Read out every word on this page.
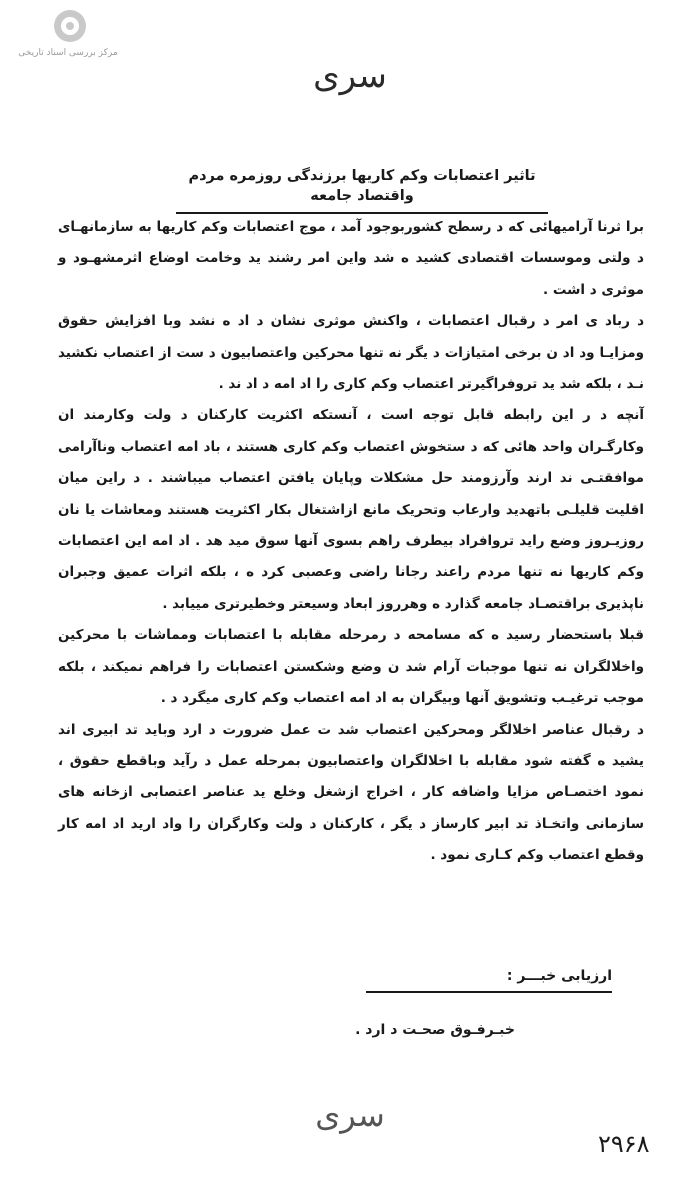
مرکز بررسی اسناد تاریخی
سری
تاثیر اعتصابات وکم کاریها برزندگی روزمره مردم واقتصاد جامعه

برا ثرنا آرامیهائی که د رسطح کشوربوجود آمد ، موج اعتصابات وکم کاریها به سازمانهـای د ولتی وموسسات اقتصادی کشید ه شد واین امر رشند ید وخامت اوضاع اثرمشهـود و موثری د اشت .

د رباد ی امر د رقبال اعتصابات ، واکنش موثری نشان د اد ه نشد وبا افزایش حقوق ومزایـا ود اد ن برخی امتیازات د یگر نه تنها محرکین واعتصابیون د ست از اعتصاب نکشید نـد ، بلکه شد ید تروفراگیرتر اعتصاب وکم کاری را اد امه د اد ند .

آنچه د ر این رابطه قابل توجه است ، آنستکه اکثریت کارکنان د ولت وکارمند ان وکارگـران واحد هائی که د ستخوش اعتصاب وکم کاری هستند ، باد امه اعتصاب وناآرامی موافقتـی ند ارند وآرزومند حل مشکلات وپایان یافتن اعتصاب میباشند . د راین میان اقلیت قلیلـی باتهدید وارعاب وتحریک مانع ازاشتغال بکار اکثریت هستند ومعاشات یا نان روزیـروز وضع راید تروافراد بیطرف راهم بسوی آنها سوق مید هد . اد امه این اعتصابات وکم کاریها نه تنها مردم راعند رجانا راضی وعصبی کرد ه ، بلکه اثرات عمیق وجبران ناپذیری براقتصـاد جامعه گذارد ه وهرروز ابعاد وسیعتر وخطیرتری مییابد .

قبلا باستحضار رسید ه که مسامحه د رمرحله مقابله با اعتصابات ومماشات با محرکین واخلالگران نه تنها موجبات آرام شد ن وضع وشکستن اعتصابات را فراهم نمیکند ، بلکه موجب ترغیـب وتشویق آنها وبیگران به اد امه اعتصاب وکم کاری میگرد د .

د رقبال عناصر اخلالگر ومحرکین اعتصاب شد ت عمل ضرورت د ارد وباید تد ابیری اند یشید ه گفته شود مقابله با اخلالگران واعتصابیون بمرحله عمل د رآید وباقطع حقوق ، نمود اختصـاص مزایا واضافه کار ، اخراج ازشغل وخلع ید عناصر اعتصابی ازخانه های سازمانی واتخـاذ تد ابیر کارساز د یگر ، کارکنان د ولت وکارگران را واد ارید اد امه کار وقطع اعتصاب وکم کـاری نمود .

ارزیابی خبـــر :
خبـرفـوق صحـت د ارد .
سری
۲۹۶۸
